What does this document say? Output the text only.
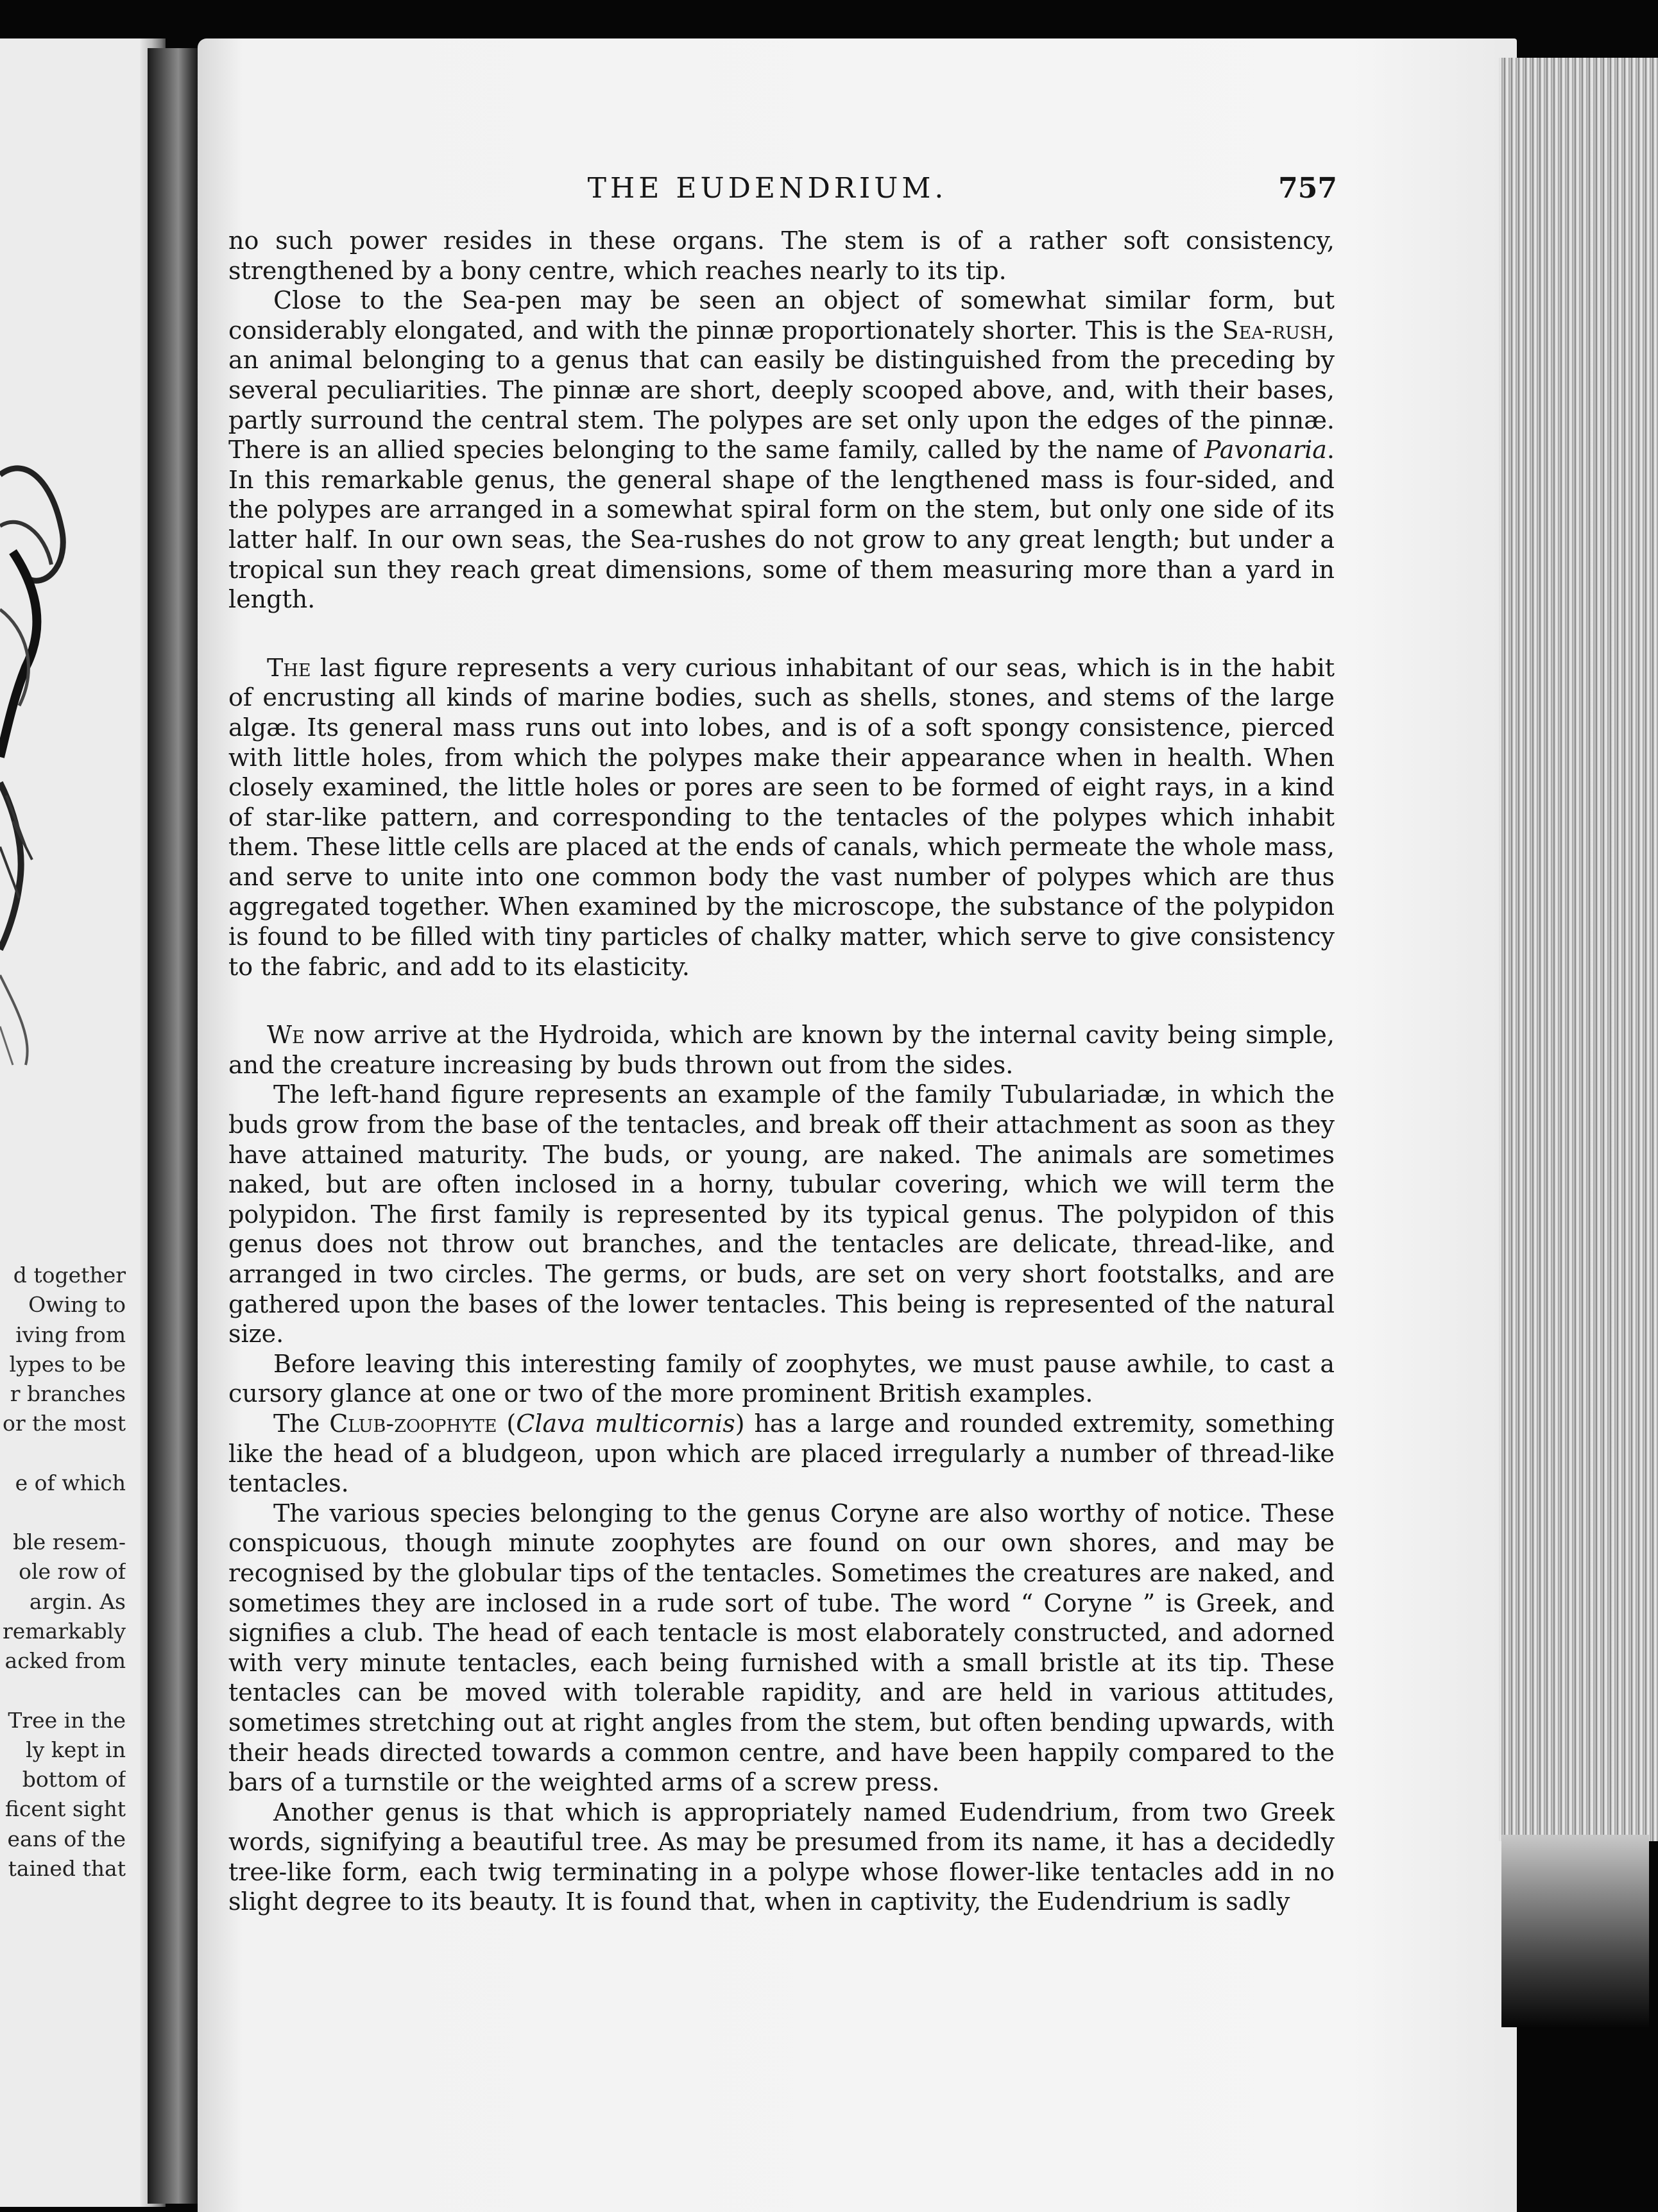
d together
Owing to
iving from
lypes to be
r branches
or the most
e of which
ble resem-
ole row of
argin. As
remarkably
acked from
Tree in the
ly kept in
bottom of
ficent sight
eans of the
tained that
THE EUDENDRIUM.	757

no such power resides in these organs. The stem is of a rather soft consistency, strengthened by a bony centre, which reaches nearly to its tip.

Close to the Sea-pen may be seen an object of somewhat similar form, but considerably elongated, and with the pinnæ proportionately shorter. This is the Sea-rush, an animal belonging to a genus that can easily be distinguished from the preceding by several peculiarities. The pinnæ are short, deeply scooped above, and, with their bases, partly surround the central stem. The polypes are set only upon the edges of the pinnæ. There is an allied species belonging to the same family, called by the name of Pavonaria. In this remarkable genus, the general shape of the lengthened mass is four-sided, and the polypes are arranged in a somewhat spiral form on the stem, but only one side of its latter half. In our own seas, the Sea-rushes do not grow to any great length; but under a tropical sun they reach great dimensions, some of them measuring more than a yard in length.

The last figure represents a very curious inhabitant of our seas, which is in the habit of encrusting all kinds of marine bodies, such as shells, stones, and stems of the large algæ. Its general mass runs out into lobes, and is of a soft spongy consistence, pierced with little holes, from which the polypes make their appearance when in health. When closely examined, the little holes or pores are seen to be formed of eight rays, in a kind of star-like pattern, and corresponding to the tentacles of the polypes which inhabit them. These little cells are placed at the ends of canals, which permeate the whole mass, and serve to unite into one common body the vast number of polypes which are thus aggregated together. When examined by the microscope, the substance of the polypidon is found to be filled with tiny particles of chalky matter, which serve to give consistency to the fabric, and add to its elasticity.

We now arrive at the Hydroida, which are known by the internal cavity being simple, and the creature increasing by buds thrown out from the sides.

The left-hand figure represents an example of the family Tubulariadæ, in which the buds grow from the base of the tentacles, and break off their attachment as soon as they have attained maturity. The buds, or young, are naked. The animals are sometimes naked, but are often inclosed in a horny, tubular covering, which we will term the polypidon. The first family is represented by its typical genus. The polypidon of this genus does not throw out branches, and the tentacles are delicate, thread-like, and arranged in two circles. The germs, or buds, are set on very short footstalks, and are gathered upon the bases of the lower tentacles. This being is represented of the natural size.

Before leaving this interesting family of zoophytes, we must pause awhile, to cast a cursory glance at one or two of the more prominent British examples.

The Club-zoophyte (Clava multicornis) has a large and rounded extremity, something like the head of a bludgeon, upon which are placed irregularly a number of thread-like tentacles.

The various species belonging to the genus Coryne are also worthy of notice. These conspicuous, though minute zoophytes are found on our own shores, and may be recognised by the globular tips of the tentacles. Sometimes the creatures are naked, and sometimes they are inclosed in a rude sort of tube. The word “ Coryne ” is Greek, and signifies a club. The head of each tentacle is most elaborately constructed, and adorned with very minute tentacles, each being furnished with a small bristle at its tip. These tentacles can be moved with tolerable rapidity, and are held in various attitudes, sometimes stretching out at right angles from the stem, but often bending upwards, with their heads directed towards a common centre, and have been happily compared to the bars of a turnstile or the weighted arms of a screw press.

Another genus is that which is appropriately named Eudendrium, from two Greek words, signifying a beautiful tree. As may be presumed from its name, it has a decidedly tree-like form, each twig terminating in a polype whose flower-like tentacles add in no slight degree to its beauty. It is found that, when in captivity, the Eudendrium is sadly
